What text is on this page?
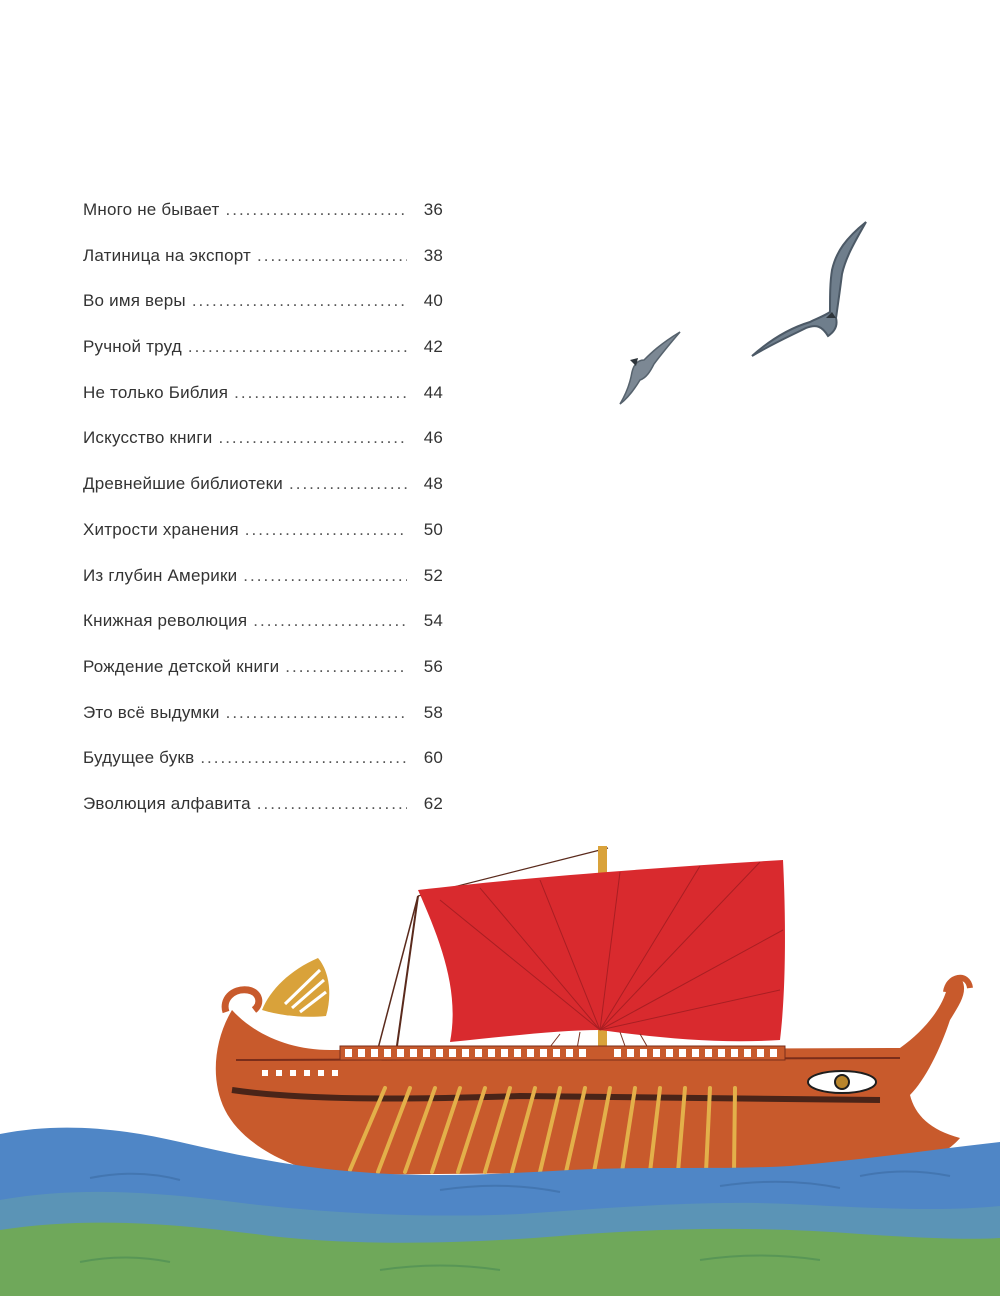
Много не бывает .....	36
Латиница на экспорт .....	38
Во имя веры .....	40
Ручной труд .....	42
Не только Библия .....	44
Искусство книги .....	46
Древнейшие библиотеки .....	48
Хитрости хранения .....	50
Из глубин Америки .....	52
Книжная революция .....	54
Рождение детской книги .....	56
Это всё выдумки .....	58
Будущее букв .....	60
Эволюция алфавита .....	62
